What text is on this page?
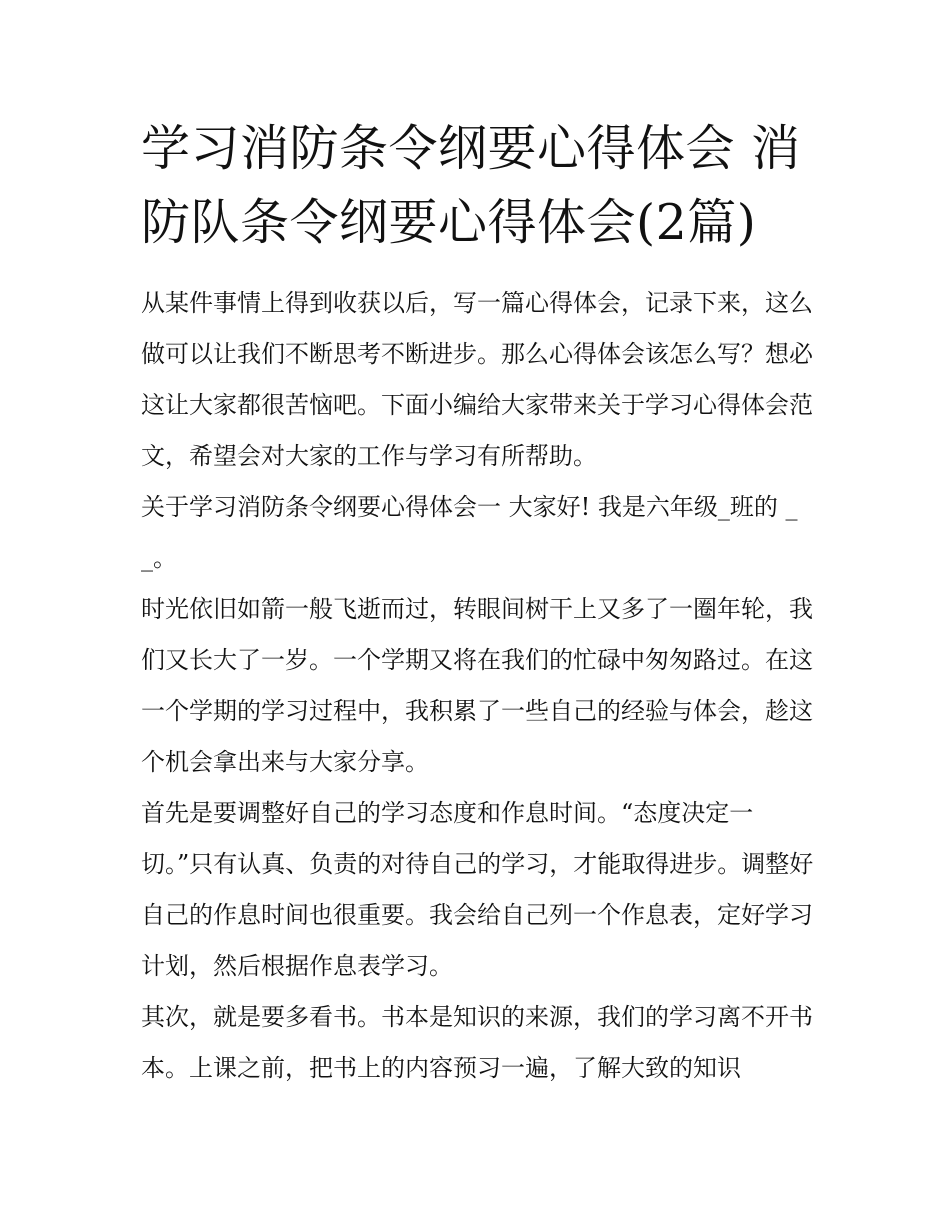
学习消防条令纲要心得体会 消防队条令纲要心得体会(2篇)

从某件事情上得到收获以后，写一篇心得体会，记录下来，这么做可以让我们不断思考不断进步。那么心得体会该怎么写？想必这让大家都很苦恼吧。下面小编给大家带来关于学习心得体会范文，希望会对大家的工作与学习有所帮助。

关于学习消防条令纲要心得体会一 大家好! 我是六年级_班的 __。

时光依旧如箭一般飞逝而过，转眼间树干上又多了一圈年轮，我们又长大了一岁。一个学期又将在我们的忙碌中匆匆路过。在这一个学期的学习过程中，我积累了一些自己的经验与体会，趁这个机会拿出来与大家分享。

首先是要调整好自己的学习态度和作息时间。“态度决定一切。”只有认真、负责的对待自己的学习，才能取得进步。调整好自己的作息时间也很重要。我会给自己列一个作息表，定好学习计划，然后根据作息表学习。

其次，就是要多看书。书本是知识的来源，我们的学习离不开书本。上课之前，把书上的内容预习一遍，了解大致的知识
